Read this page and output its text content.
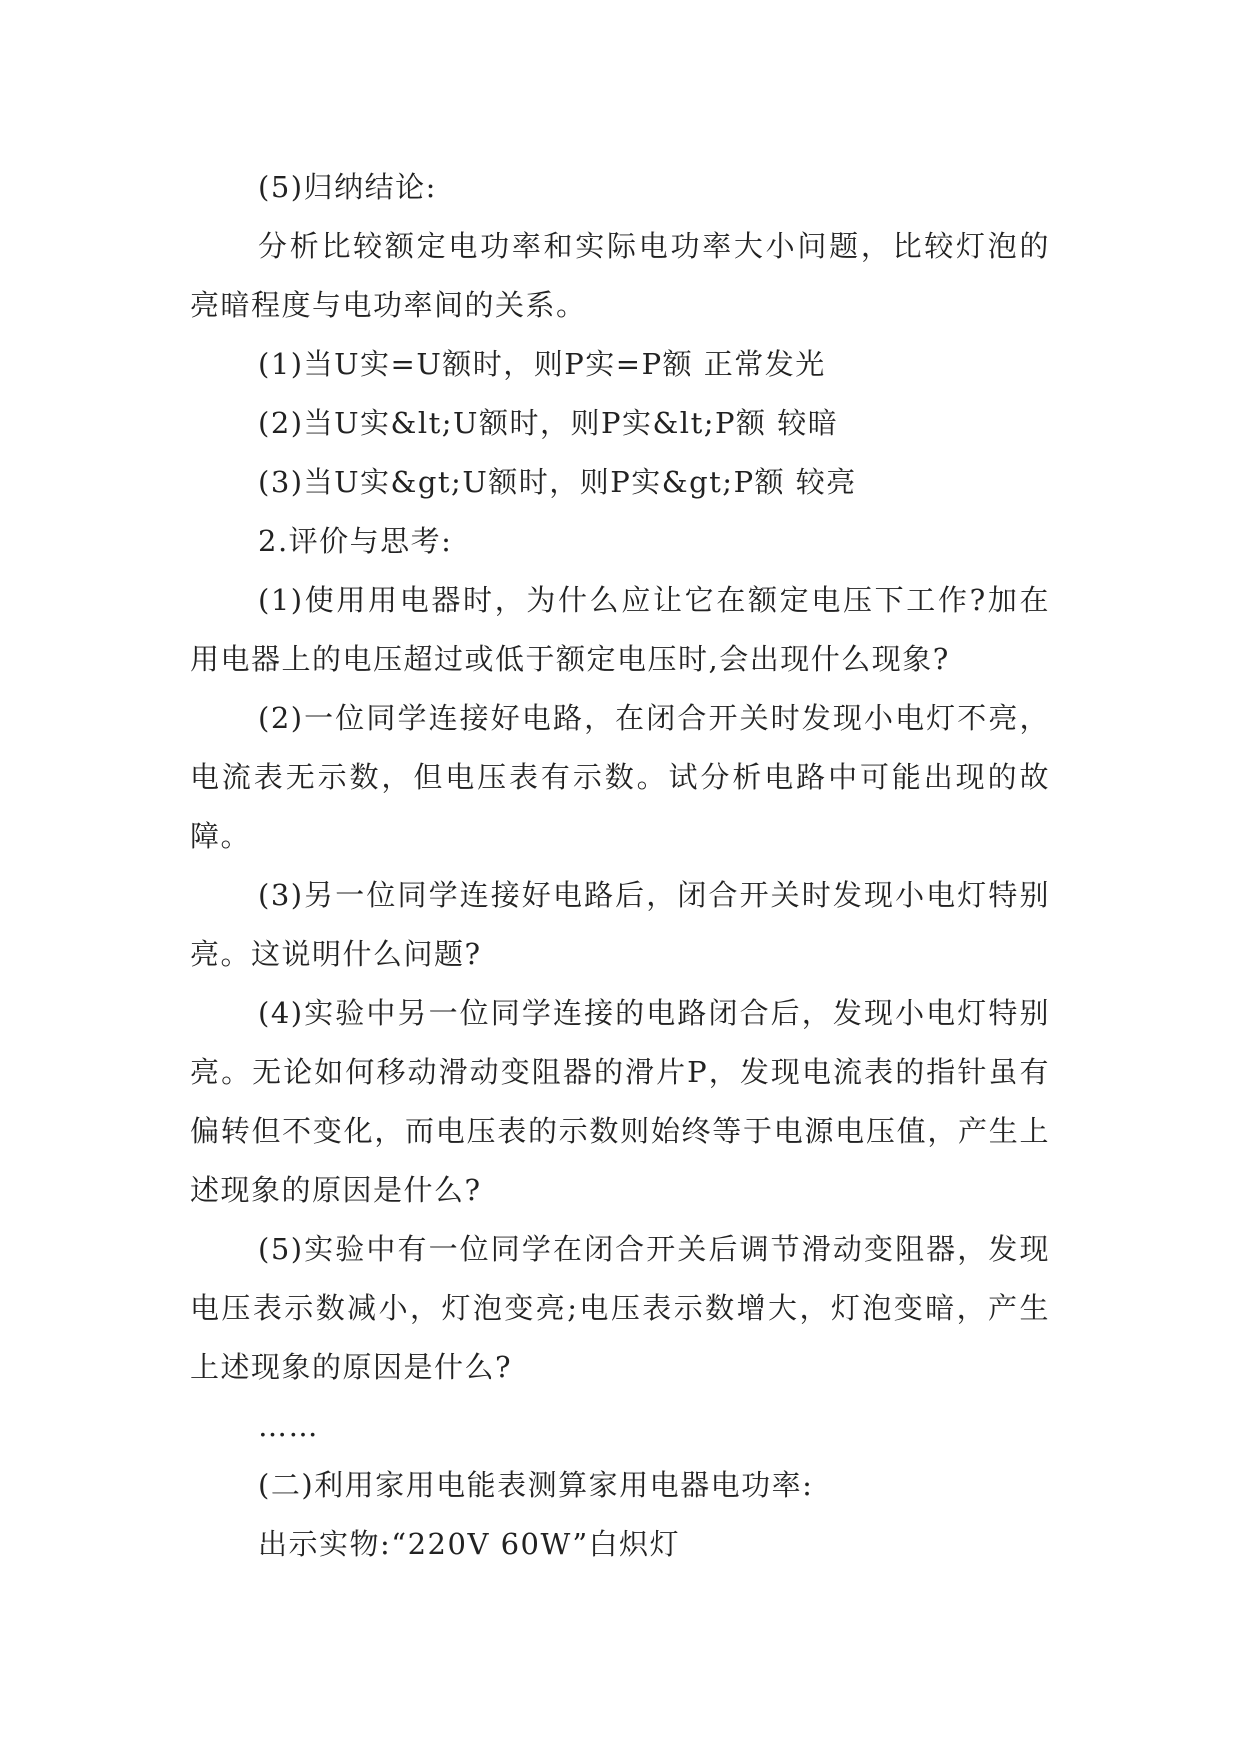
(5)归纳结论:

分析比较额定电功率和实际电功率大小问题，比较灯泡的亮暗程度与电功率间的关系。

(1)当U实=U额时，则P实=P额 正常发光

(2)当U实&lt;U额时，则P实&lt;P额 较暗

(3)当U实&gt;U额时，则P实&gt;P额 较亮

2.评价与思考:

(1)使用用电器时，为什么应让它在额定电压下工作?加在用电器上的电压超过或低于额定电压时,会出现什么现象?

(2)一位同学连接好电路，在闭合开关时发现小电灯不亮，电流表无示数，但电压表有示数。试分析电路中可能出现的故障。

(3)另一位同学连接好电路后，闭合开关时发现小电灯特别亮。这说明什么问题?

(4)实验中另一位同学连接的电路闭合后，发现小电灯特别亮。无论如何移动滑动变阻器的滑片P，发现电流表的指针虽有偏转但不变化，而电压表的示数则始终等于电源电压值，产生上述现象的原因是什么?

(5)实验中有一位同学在闭合开关后调节滑动变阻器，发现电压表示数减小，灯泡变亮;电压表示数增大，灯泡变暗，产生上述现象的原因是什么?

……

(二)利用家用电能表测算家用电器电功率:

出示实物:“220V 60W”白炽灯
